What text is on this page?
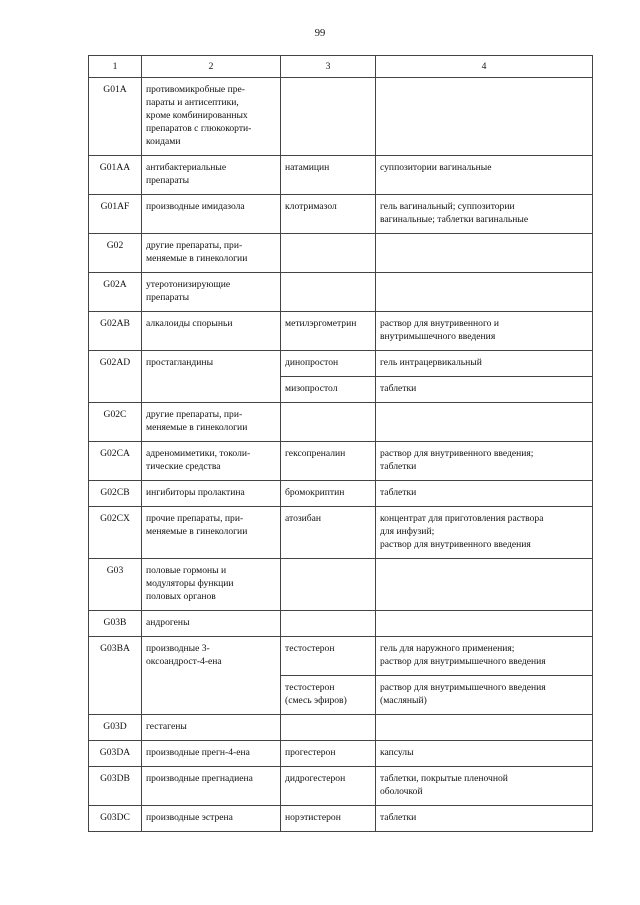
99
1	2	3	4
G01A	противомикробные пре-
параты и антисептики,
кроме комбинированных
препаратов с глюкокорти-
коидами		

G01AA	антибактериальные
препараты	натамицин	суппозитории вагинальные

G01AF	производные имидазола	клотримазол	гель вагинальный; суппозитории
вагинальные; таблетки вагинальные

G02	другие препараты, при-
меняемые в гинекологии		

G02A	утеротонизирующие
препараты		

G02AB	алкалоиды спорыньи	метилэргометрин	раствор для внутривенного и
внутримышечного введения

G02AD	простагландины	динопростон	гель интрацервикальный

		мизопростол	таблетки

G02C	другие препараты, при-
меняемые в гинекологии		

G02CA	адреномиметики, токоли-
тические средства	гексопреналин	раствор для внутривенного введения;
таблетки

G02CB	ингибиторы пролактина	бромокриптин	таблетки

G02CX	прочие препараты, при-
меняемые в гинекологии	атозибан	концентрат для приготовления раствора
для инфузий;
раствор для внутривенного введения

G03	половые гормоны и
модуляторы функции
половых органов		

G03B	андрогены		

G03BA	производные 3-
оксоандрост-4-ена	тестостерон	гель для наружного применения;
раствор для внутримышечного введения

		тестостерон
(смесь эфиров)	раствор для внутримышечного введения
(масляный)

G03D	гестагены		

G03DA	производные прегн-4-ена	прогестерон	капсулы

G03DB	производные прегнадиена	дидрогестерон	таблетки, покрытые пленочной
оболочкой

G03DC	производные эстрена	норэтистерон	таблетки
